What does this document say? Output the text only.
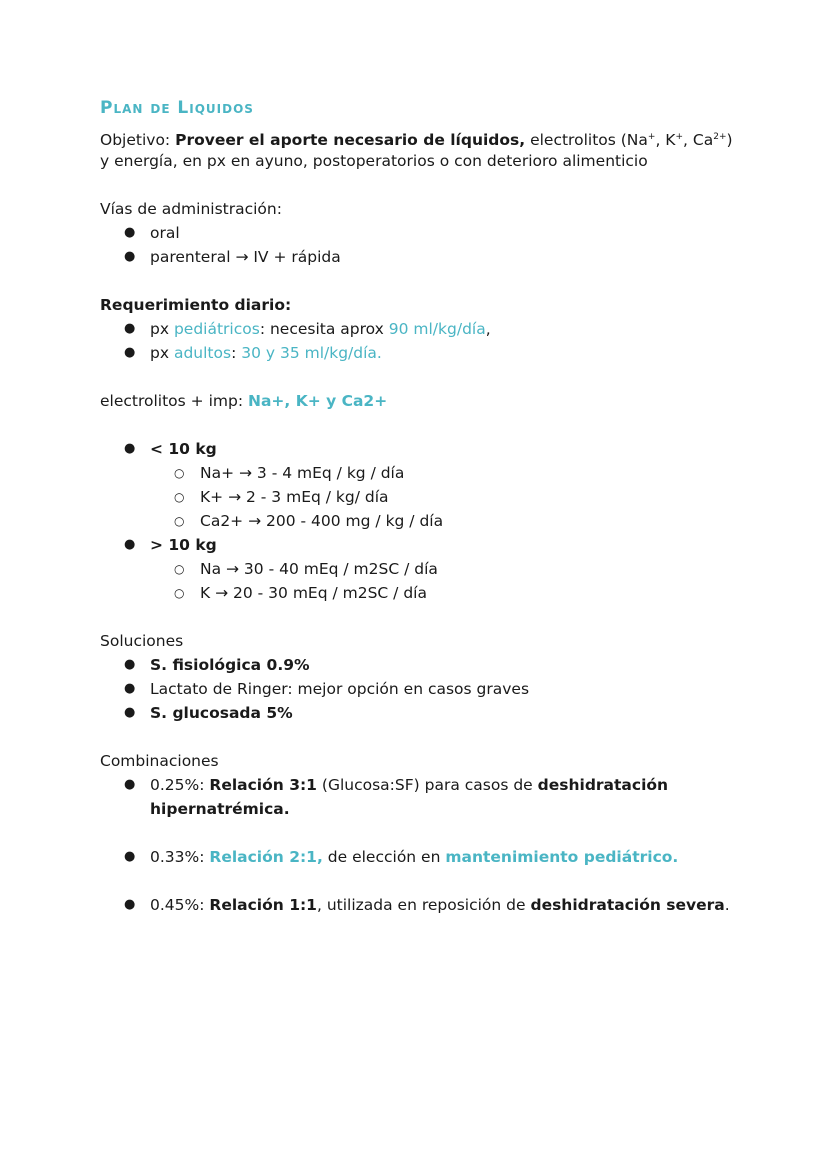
Plan de Liquidos
Objetivo: Proveer el aporte necesario de líquidos, electrolitos (Na+, K+, $Ca^{2+}$)
y energía, en px en ayuno, postoperatorios o con deterioro alimenticio
Vías de administración:
● oral
● parenteral → IV + rápida
Requerimiento diario:
● px pediátricos: necesita aprox 90 ml/kg/día,
● px adultos: 30 y 35 ml/kg/día.
electrolitos + imp: Na+, K+ y Ca2+
● < 10 kg
○ Na+ → 3 - 4 mEq / kg / día
○ K+ → 2 - 3 mEq / kg/ día
○ Ca2+ → 200 - 400 mg / kg / día
● > 10 kg
○ Na → 30 - 40 mEq / m2SC / día
○ K → 20 - 30 mEq / m2SC / día
Soluciones
● S. fisiológica 0.9%
● Lactato de Ringer: mejor opción en casos graves
● S. glucosada 5%
Combinaciones
● 0.25%: Relación 3:1 (Glucosa:SF) para casos de deshidratación
hipernatrémica.
● 0.33%: Relación 2:1, de elección en mantenimiento pediátrico.
● 0.45%: Relación 1:1, utilizada en reposición de deshidratación severa.
